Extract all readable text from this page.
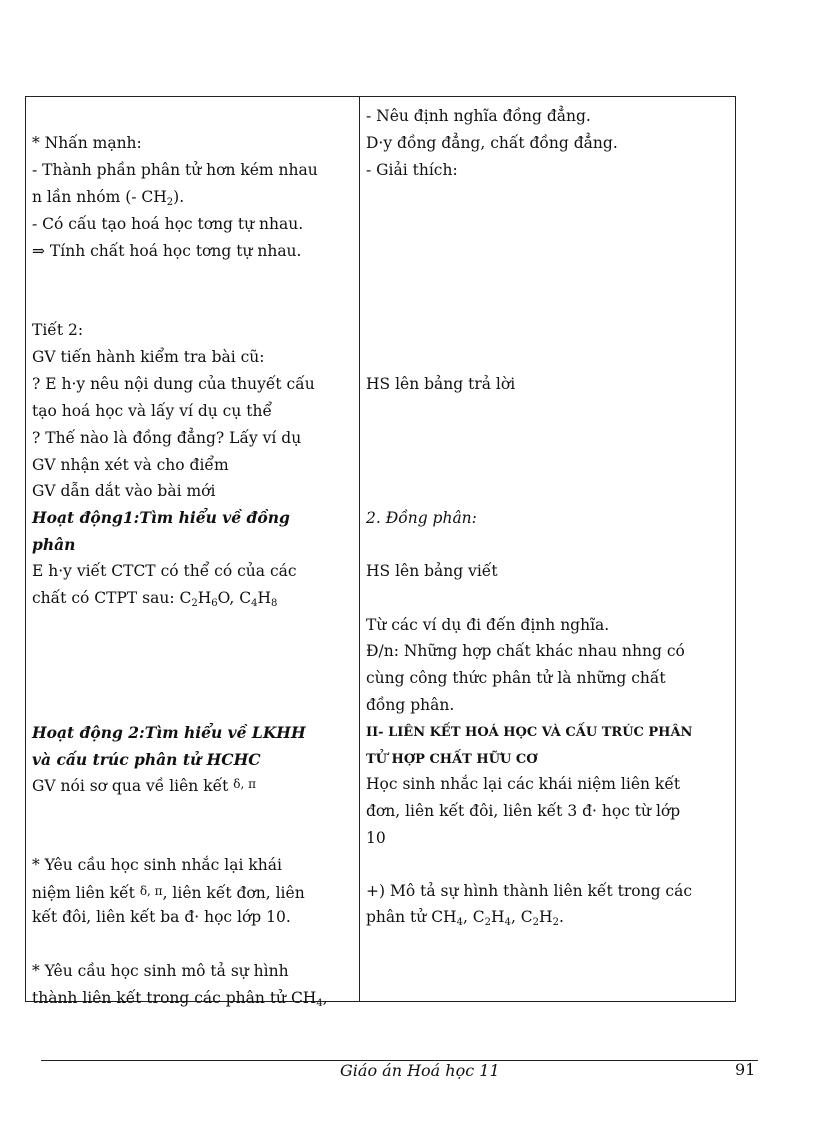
* Nhấn mạnh:
- Thành phần phân tử hơn kém nhau
n lần nhóm (- $CH_2$).
- Có cấu tạo hoá học tơng tự nhau.
⇒ Tính chất hoá học tơng tự nhau.
Tiết 2:
GV tiến hành kiểm tra bài cũ:
? E h·y nêu nội dung của thuyết cấu
tạo hoá học và lấy ví dụ cụ thể
? Thế nào là đồng đẳng? Lấy ví dụ
GV nhận xét và cho điểm
GV dẫn dắt vào bài mới
Hoạt động1:Tìm hiểu về đồng
phân
E h·y viết CTCT có thể có của các
chất có CTPT sau: $C_2H_6O$, $C_4H_8$
Hoạt động 2:Tìm hiểu về LKHH
và cấu trúc phân tử HCHC
GV nói sơ qua về liên kết δ, π
* Yêu cầu học sinh nhắc lại khái
niệm liên kết δ, π, liên kết đơn, liên
kết đôi, liên kết ba đ· học lớp 10.
* Yêu cầu học sinh mô tả sự hình
thành liên kết trong các phân tử $CH_4$,
- Nêu định nghĩa đồng đẳng.
D·y đồng đẳng, chất đồng đẳng.
- Giải thích:
HS lên bảng trả lời
2. Đồng phân:
HS lên bảng viết
Từ các ví dụ đi đến định nghĩa.
Đ/n: Những hợp chất khác nhau nhng có
cùng công thức phân tử là những chất
đồng phân.
II- LIÊN KẾT HOÁ HỌC VÀ CẤU TRÚC PHÂN
TỬ HỢP CHẤT HỮU CƠ
Học sinh nhắc lại các khái niệm liên kết
đơn, liên kết đôi, liên kết 3 đ· học từ lớp
10
+) Mô tả sự hình thành liên kết trong các
phân tử $CH_4$, $C_2H_4$, $C_2H_2$.
Giáo án Hoá học 11	91
